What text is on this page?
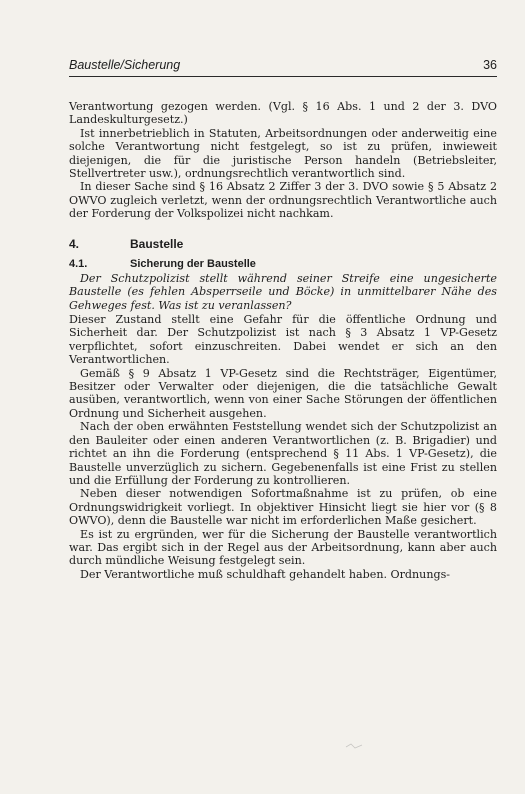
Baustelle/Sicherung	36

Verantwortung gezogen werden. (Vgl. § 16 Abs. 1 und 2 der 3. DVO Landeskulturgesetz.)

Ist innerbetrieblich in Statuten, Arbeitsordnungen oder anderweitig eine solche Verantwortung nicht festgelegt, so ist zu prüfen, inwieweit diejenigen, die für die juristische Person handeln (Betriebsleiter, Stellvertreter usw.), ordnungsrechtlich verantwortlich sind.

In dieser Sache sind § 16 Absatz 2 Ziffer 3 der 3. DVO sowie § 5 Absatz 2 OWVO zugleich verletzt, wenn der ordnungsrechtlich Verantwortliche auch der Forderung der Volkspolizei nicht nachkam.

4.	Baustelle
4.1.	Sicherung der Baustelle

Der Schutzpolizist stellt während seiner Streife eine ungesicherte Baustelle (es fehlen Absperrseile und Böcke) in unmittelbarer Nähe des Gehweges fest. Was ist zu veranlassen?

Dieser Zustand stellt eine Gefahr für die öffentliche Ordnung und Sicherheit dar. Der Schutzpolizist ist nach § 3 Absatz 1 VP-Gesetz verpflichtet, sofort einzuschreiten. Dabei wendet er sich an den Verantwortlichen.

Gemäß § 9 Absatz 1 VP-Gesetz sind die Rechtsträger, Eigentümer, Besitzer oder Verwalter oder diejenigen, die die tatsächliche Gewalt ausüben, verantwortlich, wenn von einer Sache Störungen der öffentlichen Ordnung und Sicherheit ausgehen.

Nach der oben erwähnten Feststellung wendet sich der Schutzpolizist an den Bauleiter oder einen anderen Verantwortlichen (z. B. Brigadier) und richtet an ihn die Forderung (entsprechend § 11 Abs. 1 VP-Gesetz), die Baustelle unverzüglich zu sichern. Gegebenenfalls ist eine Frist zu stellen und die Erfüllung der Forderung zu kontrollieren.

Neben dieser notwendigen Sofortmaßnahme ist zu prüfen, ob eine Ordnungswidrigkeit vorliegt. In objektiver Hinsicht liegt sie hier vor (§ 8 OWVO), denn die Baustelle war nicht im erforderlichen Maße gesichert.

Es ist zu ergründen, wer für die Sicherung der Baustelle verantwortlich war. Das ergibt sich in der Regel aus der Arbeitsordnung, kann aber auch durch mündliche Weisung festgelegt sein.

Der Verantwortliche muß schuldhaft gehandelt haben. Ordnungs-
